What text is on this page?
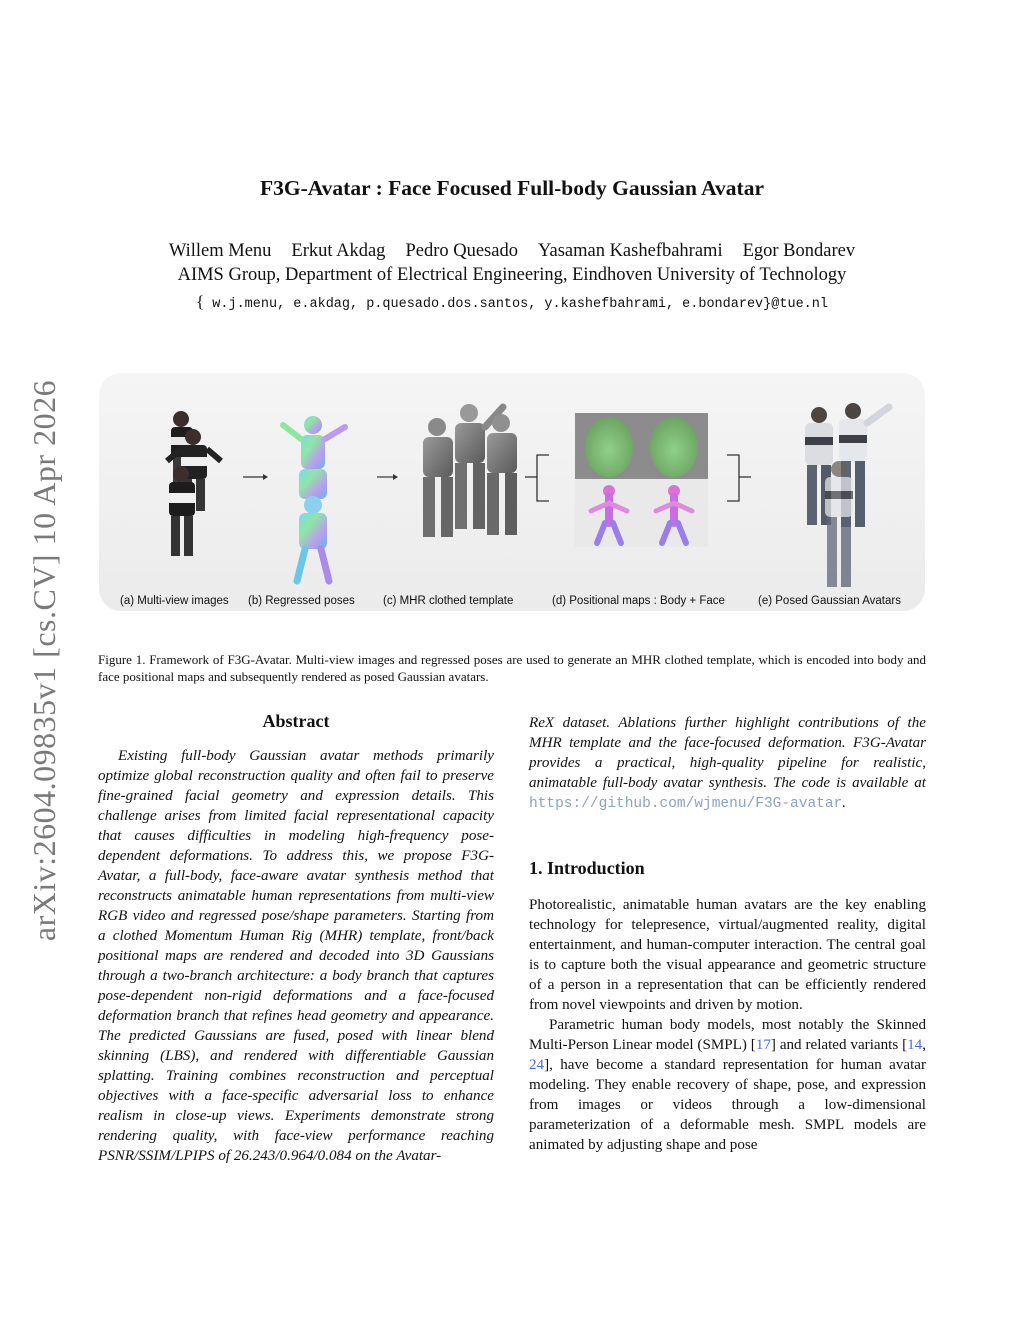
arXiv:2604.09835v1 [cs.CV] 10 Apr 2026
F3G-Avatar : Face Focused Full-body Gaussian Avatar
Willem Menu Erkut Akdag Pedro Quesado Yasaman Kashefbahrami Egor Bondarev
AIMS Group, Department of Electrical Engineering, Eindhoven University of Technology
{ w.j.menu, e.akdag, p.quesado.dos.santos, y.kashefbahrami, e.bondarev}@tue.nl
(a) Multi-view images (b) Regressed poses (c) MHR clothed template	(d) Positional maps : Body + Face	(e) Posed Gaussian Avatars
Figure 1. Framework of F3G-Avatar. Multi-view images and regressed poses are used to generate an MHR clothed template, which is encoded into body and face positional maps and subsequently rendered as posed Gaussian avatars.
Abstract

Existing full-body Gaussian avatar methods primarily optimize global reconstruction quality and often fail to preserve fine-grained facial geometry and expression details. This challenge arises from limited facial representational capacity that causes difficulties in modeling high-frequency pose-dependent deformations. To address this, we propose F3G-Avatar, a full-body, face-aware avatar synthesis method that reconstructs animatable human representations from multi-view RGB video and regressed pose/shape parameters. Starting from a clothed Momentum Human Rig (MHR) template, front/back positional maps are rendered and decoded into 3D Gaussians through a two-branch architecture: a body branch that captures pose-dependent non-rigid deformations and a face-focused deformation branch that refines head geometry and appearance. The predicted Gaussians are fused, posed with linear blend skinning (LBS), and rendered with differentiable Gaussian splatting. Training combines reconstruction and perceptual objectives with a face-specific adversarial loss to enhance realism in close-up views. Experiments demonstrate strong rendering quality, with face-view performance reaching PSNR/SSIM/LPIPS of 26.243/0.964/0.084 on the Avatar-

ReX dataset. Ablations further highlight contributions of the MHR template and the face-focused deformation. F3G-Avatar provides a practical, high-quality pipeline for realistic, animatable full-body avatar synthesis. The code is available at https://github.com/wjmenu/F3G-avatar.

1. Introduction

Photorealistic, animatable human avatars are the key enabling technology for telepresence, virtual/augmented reality, digital entertainment, and human-computer interaction. The central goal is to capture both the visual appearance and geometric structure of a person in a representation that can be efficiently rendered from novel viewpoints and driven by motion.

Parametric human body models, most notably the Skinned Multi-Person Linear model (SMPL) [17] and related variants [14, 24], have become a standard representation for human avatar modeling. They enable recovery of shape, pose, and expression from images or videos through a low-dimensional parameterization of a deformable mesh. SMPL models are animated by adjusting shape and pose
